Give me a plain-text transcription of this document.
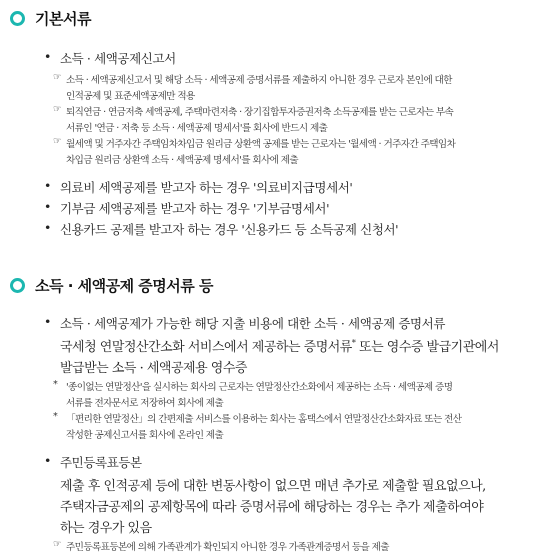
기본서류
• 소득 · 세액공제신고서
☞ 소득 · 세액공제신고서 및 해당 소득 · 세액공제 증명서류를 제출하지 아니한 경우 근로자 본인에 대한
인적공제 및 표준세액공제만 적용
☞ 퇴직연금 · 연금저축 세액공제, 주택마련저축 · 장기집합투자증권저축 소득공제를 받는 근로자는 부속
서류인 '연금 · 저축 등 소득 · 세액공제 명세서'를 회사에 반드시 제출
☞ 월세액 및 거주자간 주택임차차입금 원리금 상환액 공제를 받는 근로자는 '월세액 · 거주자간 주택임차
차입금 원리금 상환액 소득 · 세액공제 명세서'를 회사에 제출
• 의료비 세액공제를 받고자 하는 경우 '의료비지급명세서'
• 기부금 세액공제를 받고자 하는 경우 '기부금명세서'
• 신용카드 공제를 받고자 하는 경우 '신용카드 등 소득공제 신청서'
소득 · 세액공제 증명서류 등
• 소득 · 세액공제가 가능한 해당 지출 비용에 대한 소득 · 세액공제 증명서류
국세청 연말정산간소화 서비스에서 제공하는 증명서류* 또는 영수증 발급기관에서
발급받는 소득 · 세액공제용 영수증
* '종이없는 연말정산'을 실시하는 회사의 근로자는 연말정산간소화에서 제공하는 소득 · 세액공제 증명
서류를 전자문서로 저장하여 회사에 제출
* 「편리한 연말정산」의 간편제출 서비스를 이용하는 회사는 홈택스에서 연말정산간소화자료 또는 전산
작성한 공제신고서를 회사에 온라인 제출
• 주민등록표등본
제출 후 인적공제 등에 대한 변동사항이 없으면 매년 추가로 제출할 필요없으나,
주택자금공제의 공제항목에 따라 증명서류에 해당하는 경우는 추가 제출하여야
하는 경우가 있음
☞ 주민등록표등본에 의해 가족관계가 확인되지 아니한 경우 가족관계증명서 등을 제출
